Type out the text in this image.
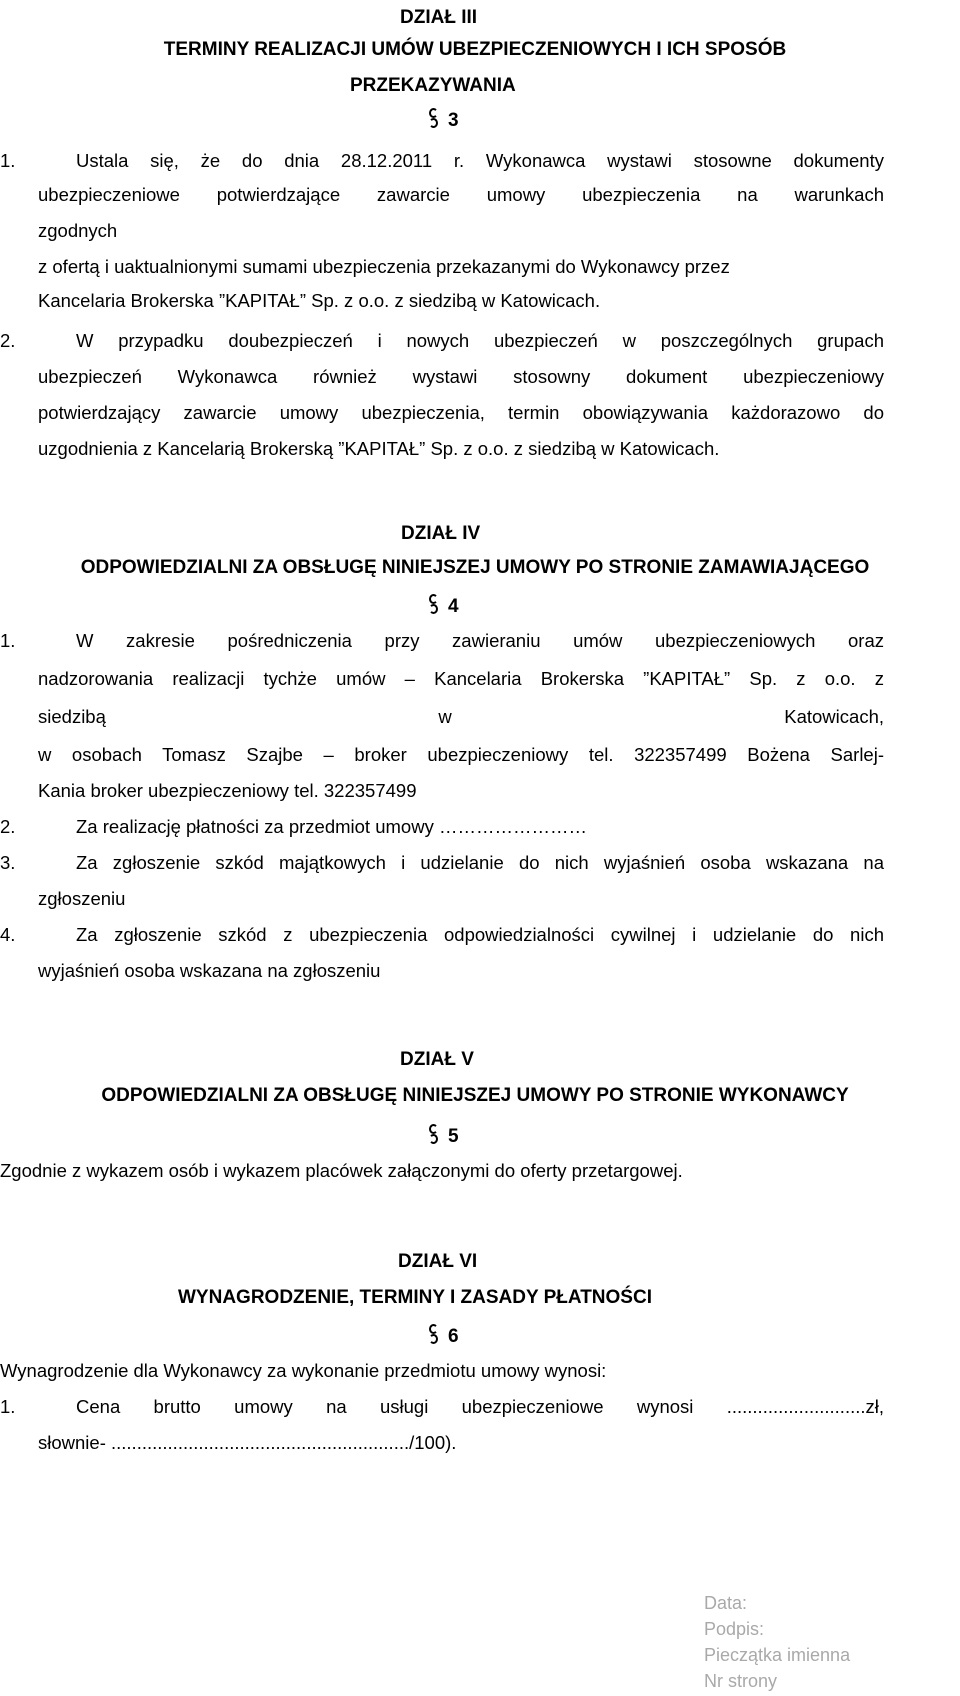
DZIAŁ III
TERMINY REALIZACJI UMÓW UBEZPIECZENIOWYCH I ICH SPOSÓB
PRZEKAZYWANIA
3
1.	Ustala się, że do dnia 28.12.2011 r. Wykonawca wystawi stosowne dokumenty
ubezpieczeniowe potwierdzające zawarcie umowy ubezpieczenia na warunkach
zgodnych
z ofertą i uaktualnionymi sumami ubezpieczenia przekazanymi do Wykonawcy przez
Kancelaria Brokerska ”KAPITAŁ” Sp. z o.o. z siedzibą w Katowicach.
2.	W przypadku doubezpieczeń i nowych ubezpieczeń w poszczególnych grupach
ubezpieczeń Wykonawca również wystawi stosowny dokument ubezpieczeniowy
potwierdzający zawarcie umowy ubezpieczenia, termin obowiązywania każdorazowo do
uzgodnienia z Kancelarią Brokerską ”KAPITAŁ” Sp. z o.o. z siedzibą w Katowicach.
DZIAŁ IV
ODPOWIEDZIALNI ZA OBSŁUGĘ NINIEJSZEJ UMOWY PO STRONIE ZAMAWIAJĄCEGO
4
1.	W zakresie pośredniczenia przy zawieraniu umów ubezpieczeniowych oraz
nadzorowania realizacji tychże umów – Kancelaria Brokerska ”KAPITAŁ” Sp. z o.o. z
siedzibą w Katowicach,
w osobach Tomasz Szajbe – broker ubezpieczeniowy tel. 322357499 Bożena Sarlej-
Kania broker ubezpieczeniowy tel. 322357499
2.	Za realizację płatności za przedmiot umowy ……………………
3.	Za zgłoszenie szkód majątkowych i udzielanie do nich wyjaśnień osoba wskazana na
zgłoszeniu
4.	Za zgłoszenie szkód z ubezpieczenia odpowiedzialności cywilnej i udzielanie do nich
wyjaśnień osoba wskazana na zgłoszeniu
DZIAŁ V
ODPOWIEDZIALNI ZA OBSŁUGĘ NINIEJSZEJ UMOWY PO STRONIE WYKONAWCY
5
Zgodnie z wykazem osób i wykazem placówek załączonymi do oferty przetargowej.
DZIAŁ VI
WYNAGRODZENIE, TERMINY I ZASADY PŁATNOŚCI
6
Wynagrodzenie dla Wykonawcy za wykonanie przedmiotu umowy wynosi:
1.	Cena brutto umowy na usługi ubezpieczeniowe wynosi ...........................zł,
słownie- ........................................................../100).
Data:
Podpis:
Pieczątka imienna
Nr strony
